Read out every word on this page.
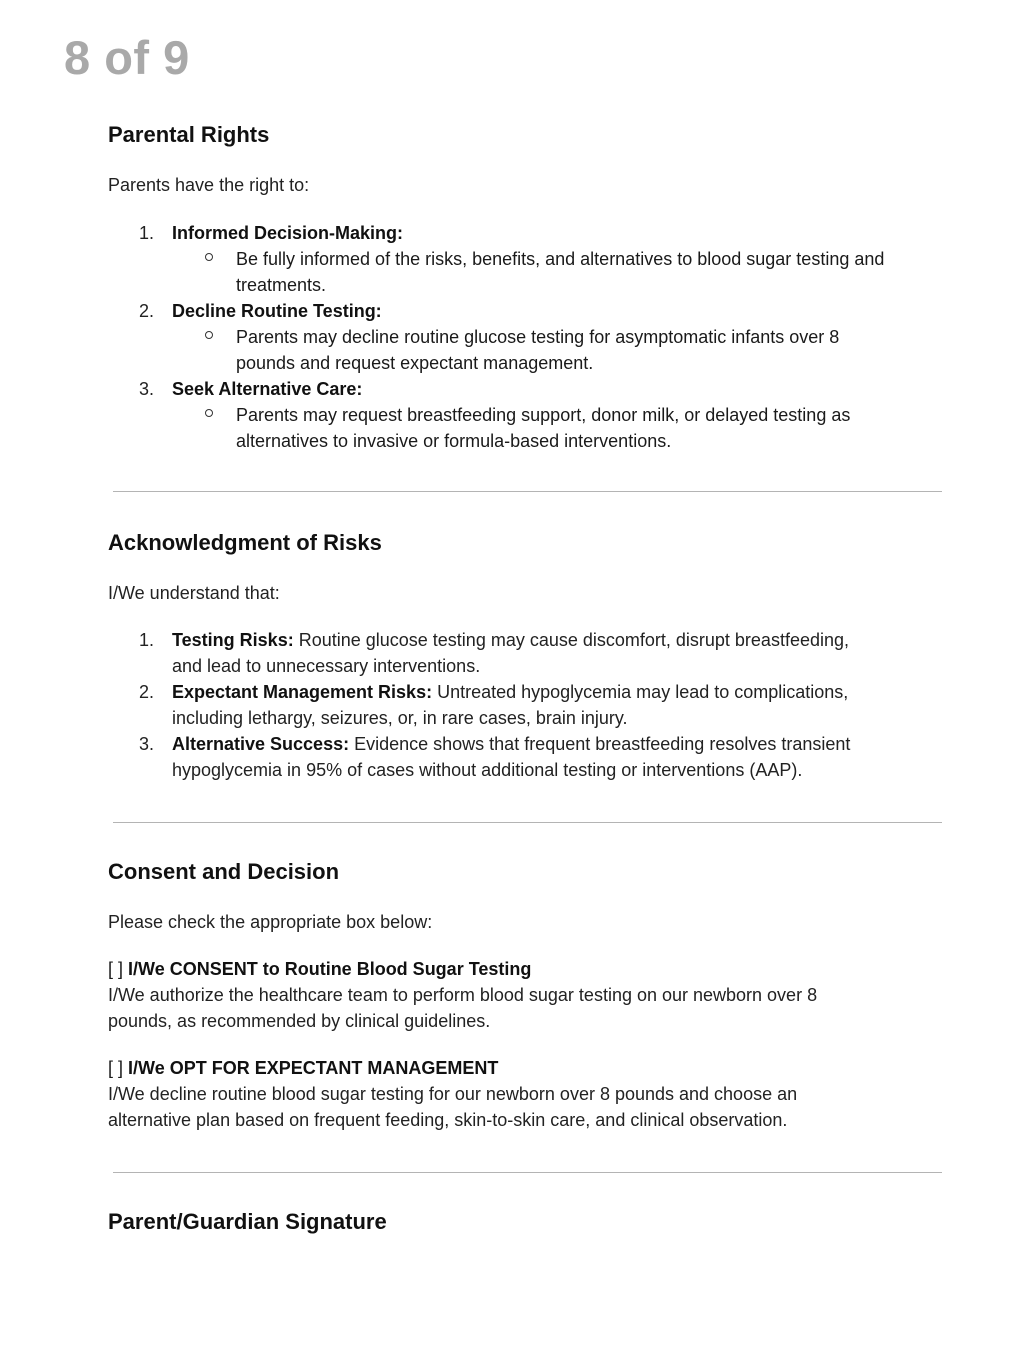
8 of 9
Parental Rights

Parents have the right to:

1. Informed Decision-Making:
Be fully informed of the risks, benefits, and alternatives to blood sugar testing and
treatments.
2. Decline Routine Testing:
Parents may decline routine glucose testing for asymptomatic infants over 8
pounds and request expectant management.
3. Seek Alternative Care:
Parents may request breastfeeding support, donor milk, or delayed testing as
alternatives to invasive or formula-based interventions.
Acknowledgment of Risks

I/We understand that:

1. Testing Risks: Routine glucose testing may cause discomfort, disrupt breastfeeding,
and lead to unnecessary interventions.
2. Expectant Management Risks: Untreated hypoglycemia may lead to complications,
including lethargy, seizures, or, in rare cases, brain injury.
3. Alternative Success: Evidence shows that frequent breastfeeding resolves transient
hypoglycemia in 95% of cases without additional testing or interventions (AAP).
Consent and Decision

Please check the appropriate box below:

[ ] I/We CONSENT to Routine Blood Sugar Testing
I/We authorize the healthcare team to perform blood sugar testing on our newborn over 8
pounds, as recommended by clinical guidelines.
[ ] I/We OPT FOR EXPECTANT MANAGEMENT
I/We decline routine blood sugar testing for our newborn over 8 pounds and choose an
alternative plan based on frequent feeding, skin-to-skin care, and clinical observation.
Parent/Guardian Signature
